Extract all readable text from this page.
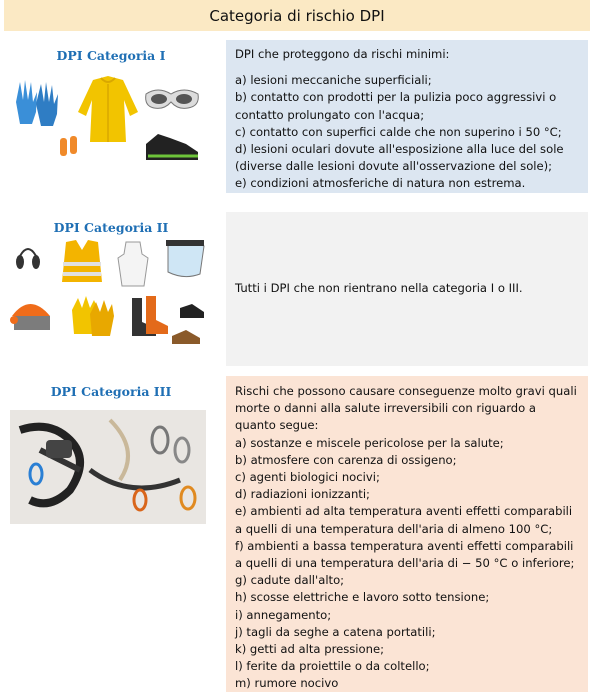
Categoria di rischio DPI
DPI Categoria I	DPI che proteggono da rischi minimi:

a) lesioni meccaniche superficiali;

b) contatto con prodotti per la pulizia poco aggressivi o contatto prolungato con l'acqua;

c) contatto con superfici calde che non superino i 50 °C;

d) lesioni oculari dovute all'esposizione alla luce del sole (diverse dalle lesioni dovute all'osservazione del sole);

e) condizioni atmosferiche di natura non estrema.

DPI Categoria II

Tutti i DPI che non rientrano nella categoria I o III.

DPI Categoria III	Rischi che possono causare conseguenze molto gravi quali morte o danni alla salute irreversibili con riguardo a quanto segue:

a) sostanze e miscele pericolose per la salute;

b) atmosfere con carenza di ossigeno;

c) agenti biologici nocivi;

d) radiazioni ionizzanti;

e) ambienti ad alta temperatura aventi effetti comparabili a quelli di una temperatura dell'aria di almeno 100 °C;

f) ambienti a bassa temperatura aventi effetti comparabili a quelli di una temperatura dell'aria di − 50 °C o inferiore;

g) cadute dall'alto;

h) scosse elettriche e lavoro sotto tensione;

i) annegamento;

j) tagli da seghe a catena portatili;

k) getti ad alta pressione;

l) ferite da proiettile o da coltello;

m) rumore nocivo
